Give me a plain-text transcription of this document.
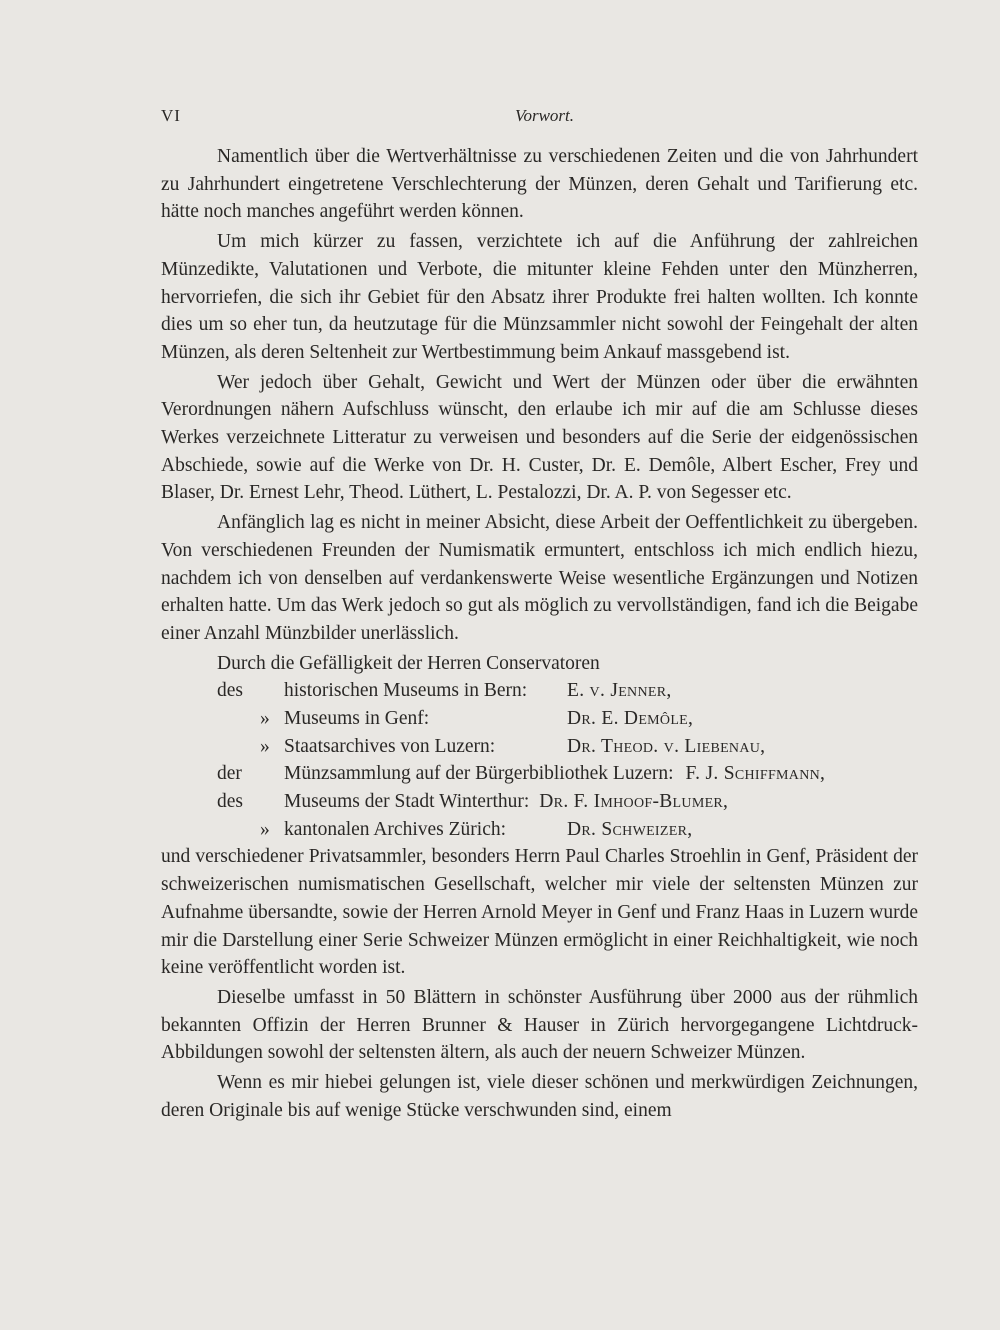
VI	Vorwort.

Namentlich über die Wertverhältnisse zu verschiedenen Zeiten und die von Jahrhundert zu Jahrhundert eingetretene Verschlechterung der Münzen, deren Gehalt und Tarifierung etc. hätte noch manches angeführt werden können.

Um mich kürzer zu fassen, verzichtete ich auf die Anführung der zahlreichen Münzedikte, Valutationen und Verbote, die mitunter kleine Fehden unter den Münzherren, hervorriefen, die sich ihr Gebiet für den Absatz ihrer Produkte frei halten wollten. Ich konnte dies um so eher tun, da heutzutage für die Münzsammler nicht sowohl der Feingehalt der alten Münzen, als deren Seltenheit zur Wertbestimmung beim Ankauf massgebend ist.

Wer jedoch über Gehalt, Gewicht und Wert der Münzen oder über die erwähnten Verordnungen nähern Aufschluss wünscht, den erlaube ich mir auf die am Schlusse dieses Werkes verzeichnete Litteratur zu verweisen und besonders auf die Serie der eidgenössischen Abschiede, sowie auf die Werke von Dr. H. Custer, Dr. E. Demôle, Albert Escher, Frey und Blaser, Dr. Ernest Lehr, Theod. Lüthert, L. Pestalozzi, Dr. A. P. von Segesser etc.

Anfänglich lag es nicht in meiner Absicht, diese Arbeit der Oeffentlichkeit zu übergeben. Von verschiedenen Freunden der Numismatik ermuntert, entschloss ich mich endlich hiezu, nachdem ich von denselben auf verdankenswerte Weise wesentliche Ergänzungen und Notizen erhalten hatte. Um das Werk jedoch so gut als möglich zu vervollständigen, fand ich die Beigabe einer Anzahl Münzbilder unerlässlich.

Durch die Gefälligkeit der Herren Conservatoren

des	historischen Museums in Bern:	E. v. Jenner,
» Museums in Genf:	Dr. E. Demôle,
» Staatsarchives von Luzern:	Dr. Theod. v. Liebenau,
der	Münzsammlung auf der Bürgerbibliothek Luzern: F. J. Schiffmann,
des	Museums der Stadt Winterthur: Dr. F. Imhoof-Blumer,
» kantonalen Archives Zürich:	Dr. Schweizer,

und verschiedener Privatsammler, besonders Herrn Paul Charles Stroehlin in Genf, Präsident der schweizerischen numismatischen Gesellschaft, welcher mir viele der seltensten Münzen zur Aufnahme übersandte, sowie der Herren Arnold Meyer in Genf und Franz Haas in Luzern wurde mir die Darstellung einer Serie Schweizer Münzen ermöglicht in einer Reichhaltigkeit, wie noch keine veröffentlicht worden ist.

Dieselbe umfasst in 50 Blättern in schönster Ausführung über 2000 aus der rühmlich bekannten Offizin der Herren Brunner & Hauser in Zürich hervorgegangene Lichtdruck-Abbildungen sowohl der seltensten ältern, als auch der neuern Schweizer Münzen.

Wenn es mir hiebei gelungen ist, viele dieser schönen und merkwürdigen Zeichnungen, deren Originale bis auf wenige Stücke verschwunden sind, einem
